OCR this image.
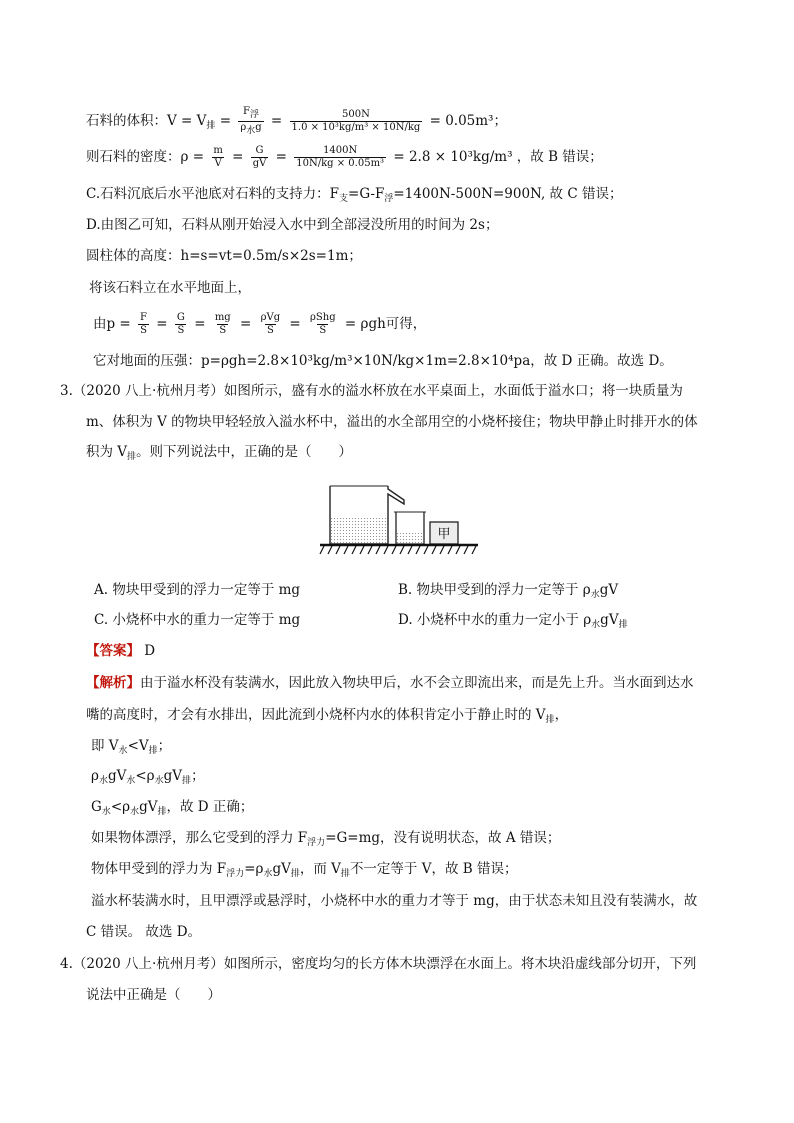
石料的体积：$V = V_排 = \frac{\text{F浮}}{\text{ρ水g}} = \frac{500N}{\text{1.0 × 10³kg/m³ × 10N/kg}} = 0.05m^3$；
则石料的密度：$\rho = \frac{m}{V} = \frac{G}{gV} = \frac{1400N}{\text{10N/kg × 0.05m³}} = 2.8 \times 10^3kg/m^3$ ，故 B 错误；
C.石料沉底后水平池底对石料的支持力：$F_支=G-F_浮=1400N-500N=900N$, 故 C 错误；
D.由图乙可知，石料从刚开始浸入水中到全部浸没所用的时间为 2s；
圆柱体的高度：h=s=vt=0.5m/s×2s=1m；
将该石料立在水平地面上，
由$p = \frac{F}{S} = \frac{G}{S} = \frac{mg}{S} = \frac{\text{ρVg}}{S} = \frac{\text{ρShg}}{S} = \rho gh$可得，
它对地面的压强：p=ρgh=2.8×10³kg/m³×10N/kg×1m=2.8×10⁴pa，故 D 正确。故选 D。
3.（2020 八上·杭州月考）如图所示，盛有水的溢水杯放在水平桌面上，水面低于溢水口；将一块质量为
m、体积为 V 的物块甲轻轻放入溢水杯中，溢出的水全部用空的小烧杯接住；物块甲静止时排开水的体
积为 $V_排$。则下列说法中，正确的是（　　）
甲
A. 物块甲受到的浮力一定等于 mg	B. 物块甲受到的浮力一定等于 $\rho_水gV$
C. 小烧杯中水的重力一定等于 mg	D. 小烧杯中水的重力一定小于 $\rho_水gV_排$
【答案】 D
【解析】由于溢水杯没有装满水，因此放入物块甲后，水不会立即流出来，而是先上升。当水面到达水
嘴的高度时，才会有水排出，因此流到小烧杯内水的体积肯定小于静止时的 $V_排$，
即 $V_水<V_排$；
$\rho_水gV_水<\rho_水gV_排$；
$G_水<\rho_水gV_排$，故 D 正确；
如果物体漂浮，那么它受到的浮力 $F_{浮力}=G=mg$，没有说明状态，故 A 错误；
物体甲受到的浮力为 $F_{浮力}=\rho_水gV_排$，而 $V_排$不一定等于 V，故 B 错误；
溢水杯装满水时，且甲漂浮或悬浮时，小烧杯中水的重力才等于 mg，由于状态未知且没有装满水，故
C 错误。 故选 D。
4.（2020 八上·杭州月考）如图所示，密度均匀的长方体木块漂浮在水面上。将木块沿虚线部分切开，下列
说法中正确是（　　）
